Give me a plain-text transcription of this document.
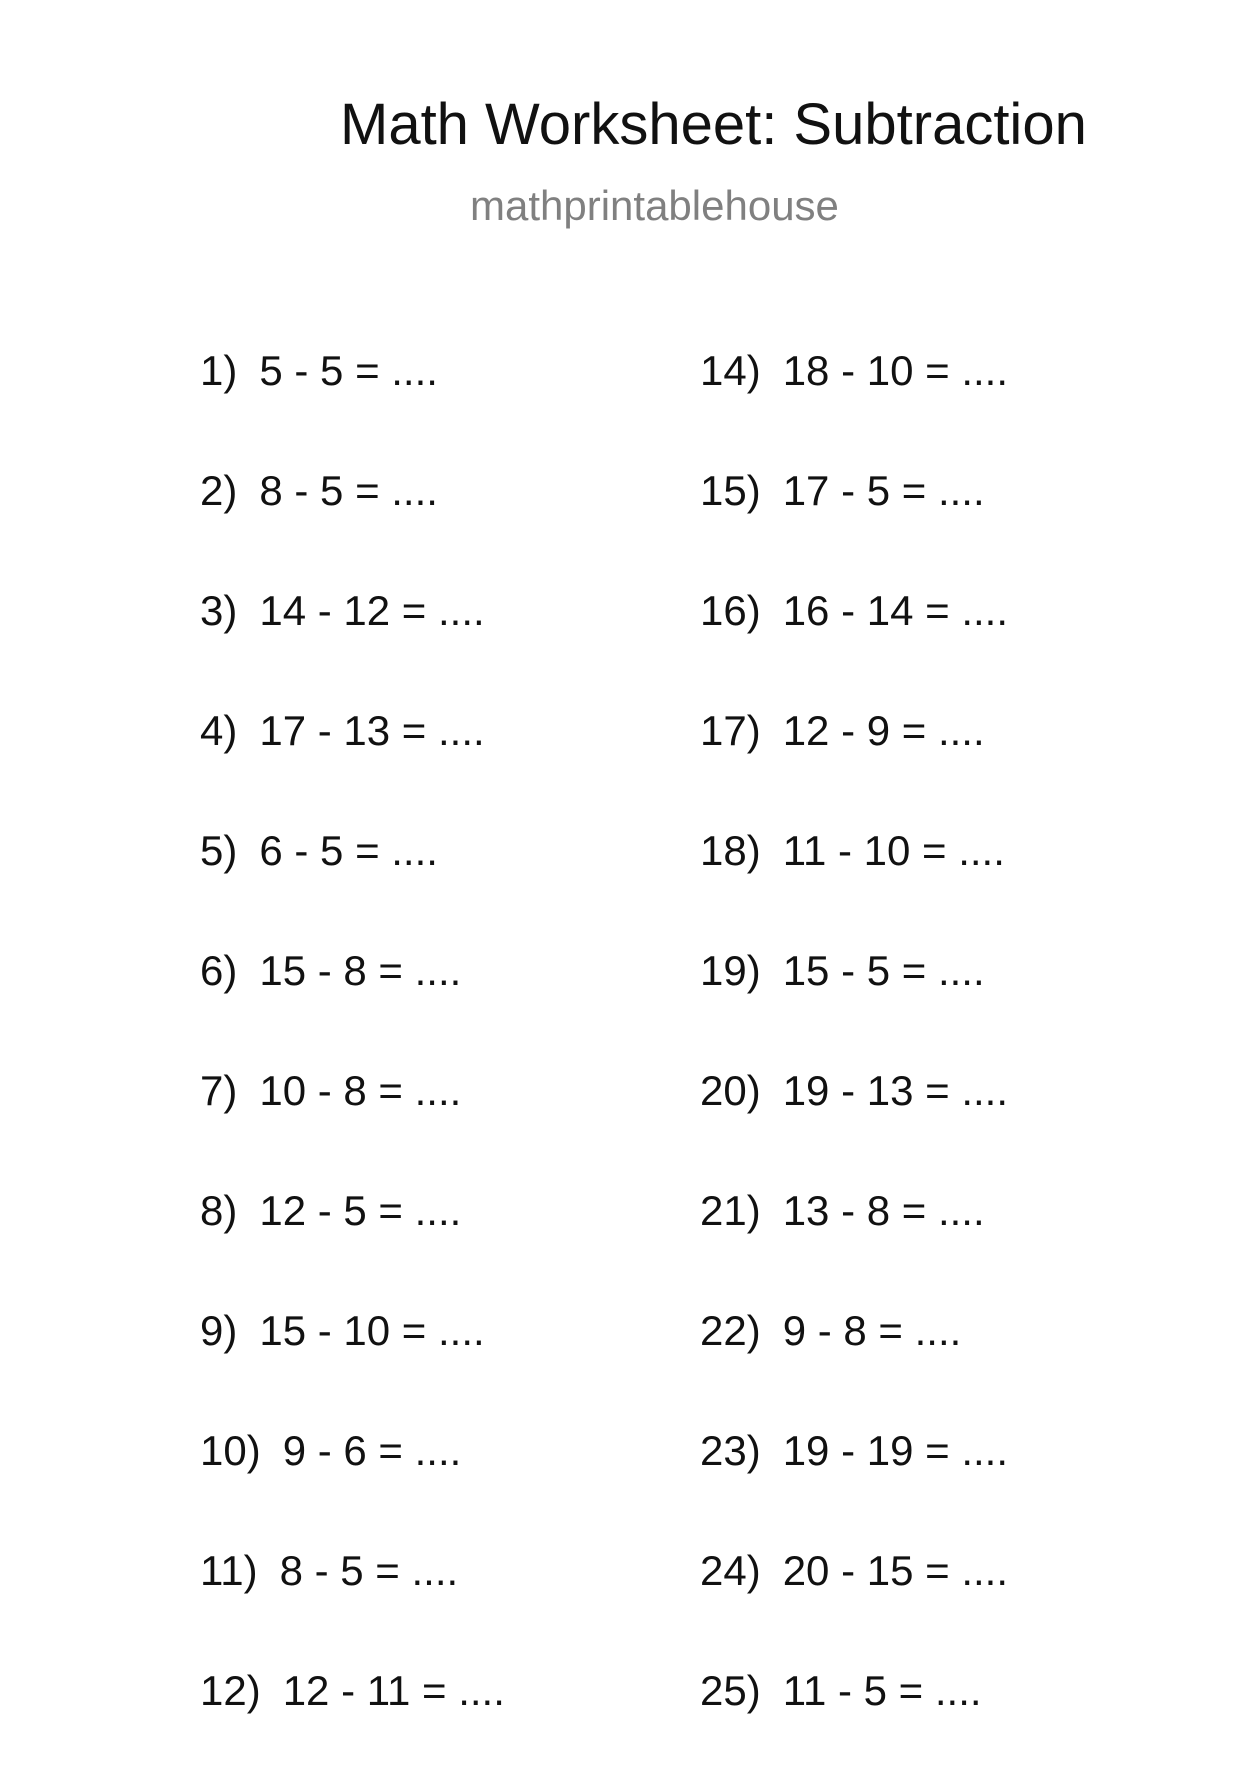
Math Worksheet: Subtraction
mathprintablehouse
1) 5 - 5 = ....
2) 8 - 5 = ....
3) 14 - 12 = ....
4) 17 - 13 = ....
5) 6 - 5 = ....
6) 15 - 8 = ....
7) 10 - 8 = ....
8) 12 - 5 = ....
9) 15 - 10 = ....
10) 9 - 6 = ....
11) 8 - 5 = ....
12) 12 - 11 = ....
14) 18 - 10 = ....
15) 17 - 5 = ....
16) 16 - 14 = ....
17) 12 - 9 = ....
18) 11 - 10 = ....
19) 15 - 5 = ....
20) 19 - 13 = ....
21) 13 - 8 = ....
22) 9 - 8 = ....
23) 19 - 19 = ....
24) 20 - 15 = ....
25) 11 - 5 = ....
